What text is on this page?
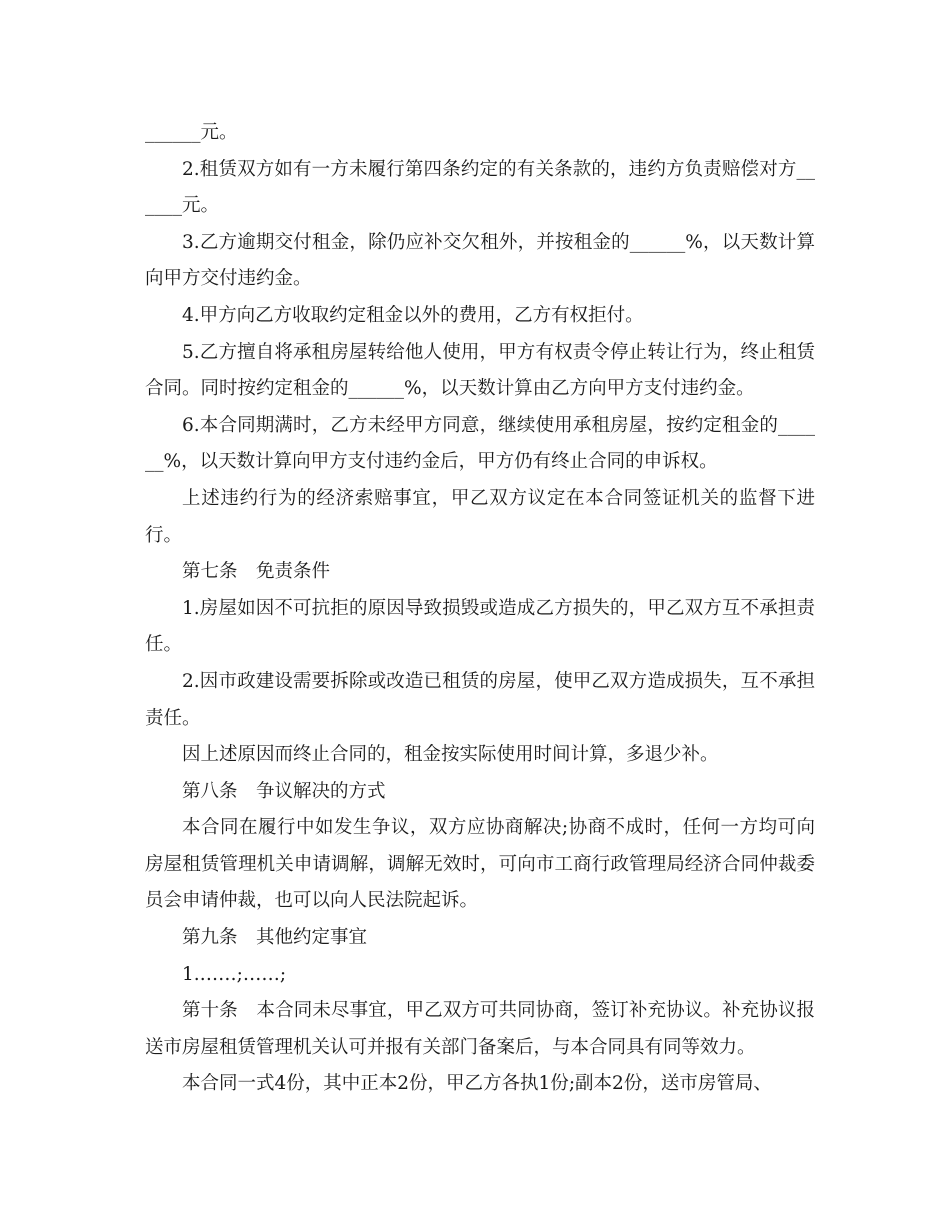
______元。

2.租赁双方如有一方未履行第四条约定的有关条款的，违约方负责赔偿对方______元。

3.乙方逾期交付租金，除仍应补交欠租外，并按租金的______%，以天数计算向甲方交付违约金。

4.甲方向乙方收取约定租金以外的费用，乙方有权拒付。

5.乙方擅自将承租房屋转给他人使用，甲方有权责令停止转让行为，终止租赁合同。同时按约定租金的______%，以天数计算由乙方向甲方支付违约金。

6.本合同期满时，乙方未经甲方同意，继续使用承租房屋，按约定租金的______%，以天数计算向甲方支付违约金后，甲方仍有终止合同的申诉权。

上述违约行为的经济索赔事宜，甲乙双方议定在本合同签证机关的监督下进行。

第七条　免责条件

1.房屋如因不可抗拒的原因导致损毁或造成乙方损失的，甲乙双方互不承担责任。

2.因市政建设需要拆除或改造已租赁的房屋，使甲乙双方造成损失，互不承担责任。

因上述原因而终止合同的，租金按实际使用时间计算，多退少补。

第八条　争议解决的方式

本合同在履行中如发生争议，双方应协商解决;协商不成时，任何一方均可向房屋租赁管理机关申请调解，调解无效时，可向市工商行政管理局经济合同仲裁委员会申请仲裁，也可以向人民法院起诉。

第九条　其他约定事宜

1.……;……;

第十条　本合同未尽事宜，甲乙双方可共同协商，签订补充协议。补充协议报送市房屋租赁管理机关认可并报有关部门备案后，与本合同具有同等效力。

本合同一式4份，其中正本2份，甲乙方各执1份;副本2份，送市房管局、
